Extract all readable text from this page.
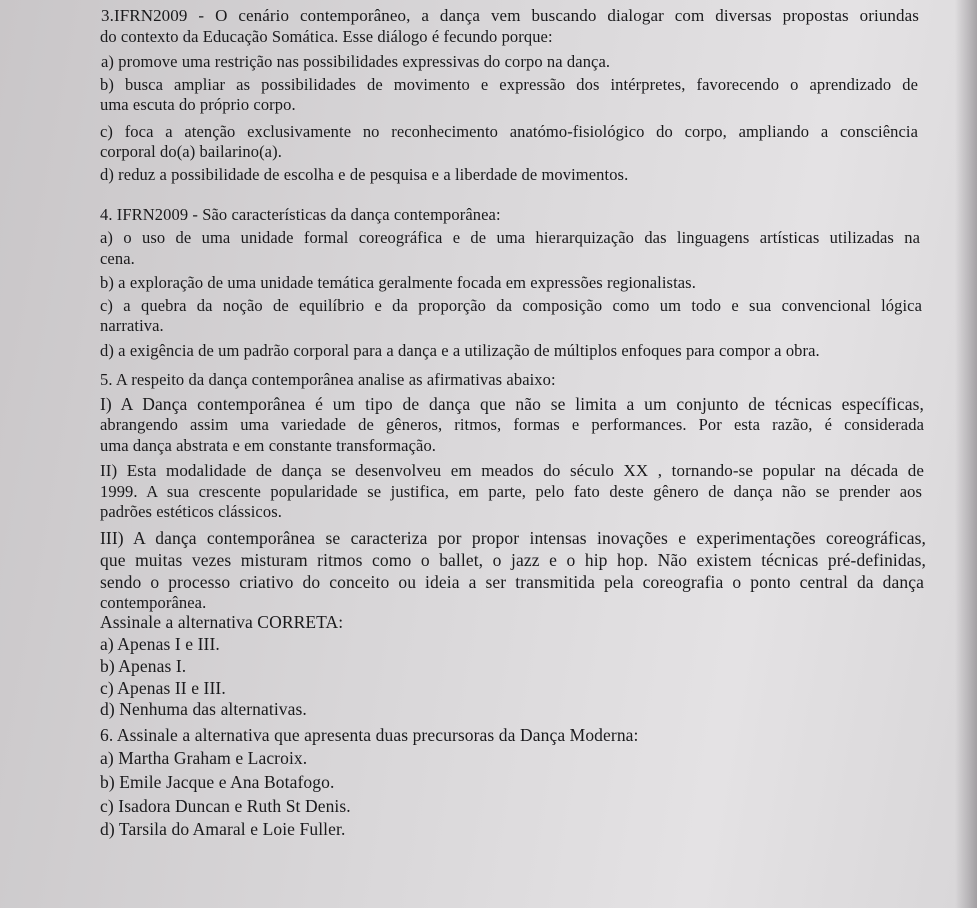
3.IFRN2009 - O cenário contemporâneo, a dança vem buscando dialogar com diversas propostas oriundas
do contexto da Educação Somática. Esse diálogo é fecundo porque:
a) promove uma restrição nas possibilidades expressivas do corpo na dança.
b) busca ampliar as possibilidades de movimento e expressão dos intérpretes, favorecendo o aprendizado de
uma escuta do próprio corpo.
c) foca a atenção exclusivamente no reconhecimento anatómo-fisiológico do corpo, ampliando a consciência
corporal do(a) bailarino(a).
d) reduz a possibilidade de escolha e de pesquisa e a liberdade de movimentos.
4. IFRN2009 - São características da dança contemporânea:
a) o uso de uma unidade formal coreográfica e de uma hierarquização das linguagens artísticas utilizadas na
cena.
b) a exploração de uma unidade temática geralmente focada em expressões regionalistas.
c) a quebra da noção de equilíbrio e da proporção da composição como um todo e sua convencional lógica
narrativa.
d) a exigência de um padrão corporal para a dança e a utilização de múltiplos enfoques para compor a obra.
5. A respeito da dança contemporânea analise as afirmativas abaixo:
I) A Dança contemporânea é um tipo de dança que não se limita a um conjunto de técnicas específicas,
abrangendo assim uma variedade de gêneros, ritmos, formas e performances. Por esta razão, é considerada
uma dança abstrata e em constante transformação.
II) Esta modalidade de dança se desenvolveu em meados do século XX , tornando-se popular na década de
1999. A sua crescente popularidade se justifica, em parte, pelo fato deste gênero de dança não se prender aos
padrões estéticos clássicos.
III) A dança contemporânea se caracteriza por propor intensas inovações e experimentações coreográficas,
que muitas vezes misturam ritmos como o ballet, o jazz e o hip hop. Não existem técnicas pré-definidas,
sendo o processo criativo do conceito ou ideia a ser transmitida pela coreografia o ponto central da dança
contemporânea.
Assinale a alternativa CORRETA:
a) Apenas I e III.
b) Apenas I.
c) Apenas II e III.
d) Nenhuma das alternativas.
6. Assinale a alternativa que apresenta duas precursoras da Dança Moderna:
a) Martha Graham e Lacroix.
b) Emile Jacque e Ana Botafogo.
c) Isadora Duncan e Ruth St Denis.
d) Tarsila do Amaral e Loie Fuller.
